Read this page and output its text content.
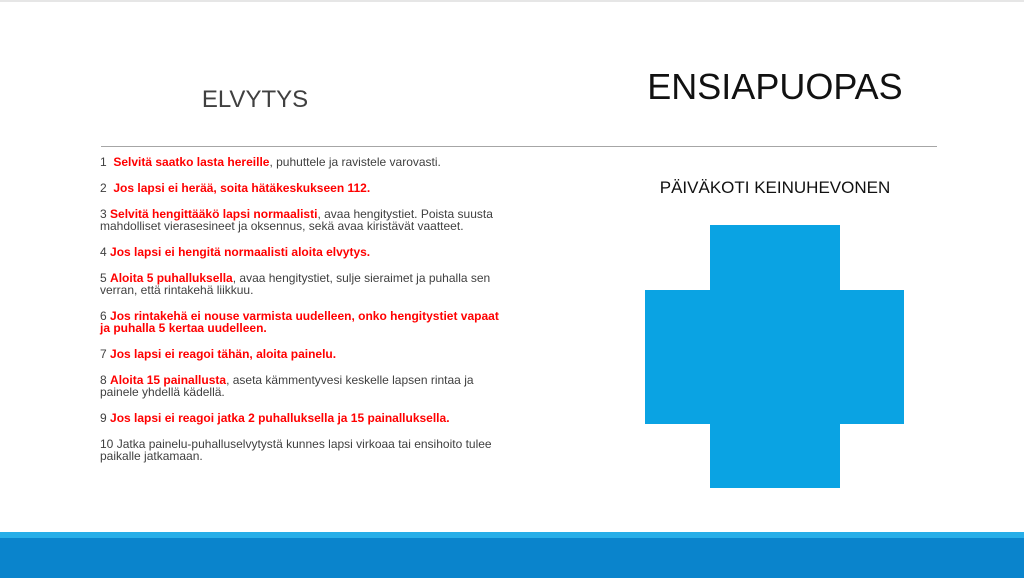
ENSIAPUOPAS
ELVYTYS
1 Selvitä saatko lasta hereille, puhuttele ja ravistele varovasti.
2 Jos lapsi ei herää, soita hätäkeskukseen 112.
3 Selvitä hengittääkö lapsi normaalisti, avaa hengitystiet. Poista suusta mahdolliset vierasesineet ja oksennus, sekä avaa kiristävät vaatteet.
4 Jos lapsi ei hengitä normaalisti aloita elvytys.
5 Aloita 5 puhalluksella, avaa hengitystiet, sulje sieraimet ja puhalla sen verran, että rintakehä liikkuu.
6 Jos rintakehä ei nouse varmista uudelleen, onko hengitystiet vapaat ja puhalla 5 kertaa uudelleen.
7 Jos lapsi ei reagoi tähän, aloita painelu.
8 Aloita 15 painallusta, aseta kämmentyvesi keskelle lapsen rintaa ja painele yhdellä kädellä.
9 Jos lapsi ei reagoi jatka 2 puhalluksella ja 15 painalluksella.
10 Jatka painelu-puhalluselvytystä kunnes lapsi virkoaa tai ensihoito tulee paikalle jatkamaan.
PÄIVÄKOTI KEINUHEVONEN
